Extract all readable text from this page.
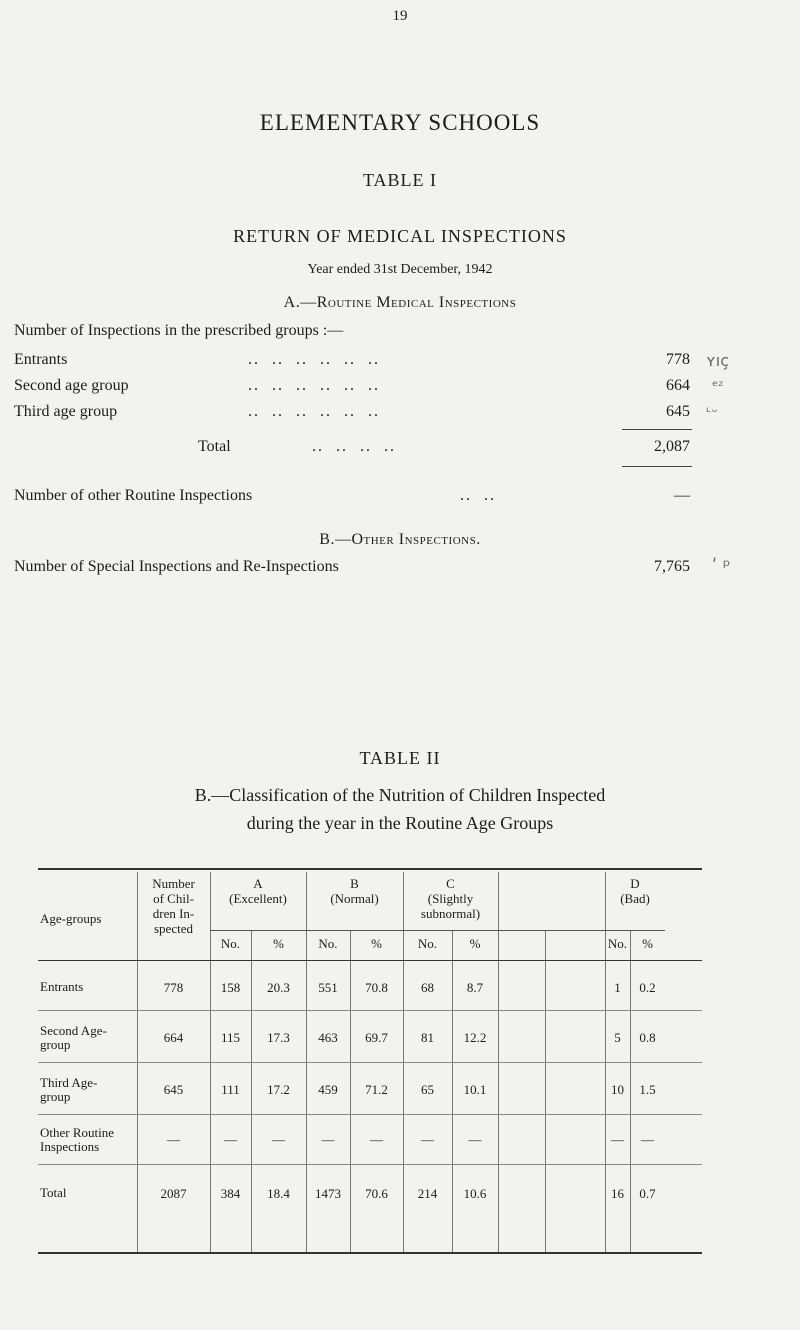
19
ELEMENTARY SCHOOLS
TABLE I
RETURN OF MEDICAL INSPECTIONS
Year ended 31st December, 1942
A.—Routine Medical Inspections
Number of Inspections in the prescribed groups :—
Entrants	..  ..  ..  ..  ..  ..	778
Second age group	..  ..  ..  ..  ..  ..	664
Third age group	..  ..  ..  ..  ..  ..	645
Total	..  ..  ..  ..	2,087
Number of other Routine Inspections	..  ..	—
B.—Other Inspections.
Number of Special Inspections and Re-Inspections	7,765
ʏıç
ᵉᶻ
ᶫᵕ
ʹ ᵖ
TABLE II
B.—Classification of the Nutrition of Children Inspected
during the year in the Routine Age Groups
Age-groups
Number
of Chil-
dren In-
spected
A
(Excellent)
B
(Normal)
C
(Slightly
subnormal)
D
(Bad)
No.	%	No.	%	No.	%	No.	%
Entrants	778	158	20.3	551	70.8	68	8.7	1	0.2
Second Age-
group	664	115	17.3	463	69.7	81	12.2	5	0.8
Third Age-
group	645	111	17.2	459	71.2	65	10.1	10	1.5
Other Routine
Inspections	—	—	—	—	—	—	—	—	—
Total	2087	384	18.4	1473	70.6	214	10.6	16	0.7
